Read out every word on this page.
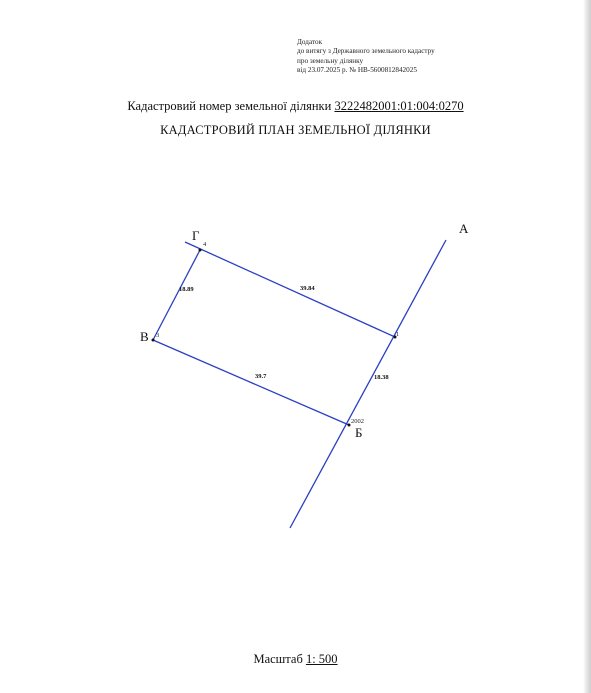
Додаток
до витягу з Державного земельного кадастру
про земельну ділянку
від 23.07.2025 р. № НВ-5600812842025
Кадастровий номер земельної ділянки 3222482001:01:004:0270
КАДАСТРОВИЙ ПЛАН ЗЕМЕЛЬНОЇ ДІЛЯНКИ
А
Г
В
Б
4
3	1
2002
39.84
39.7
18.89
18.38
Масштаб 1: 500
